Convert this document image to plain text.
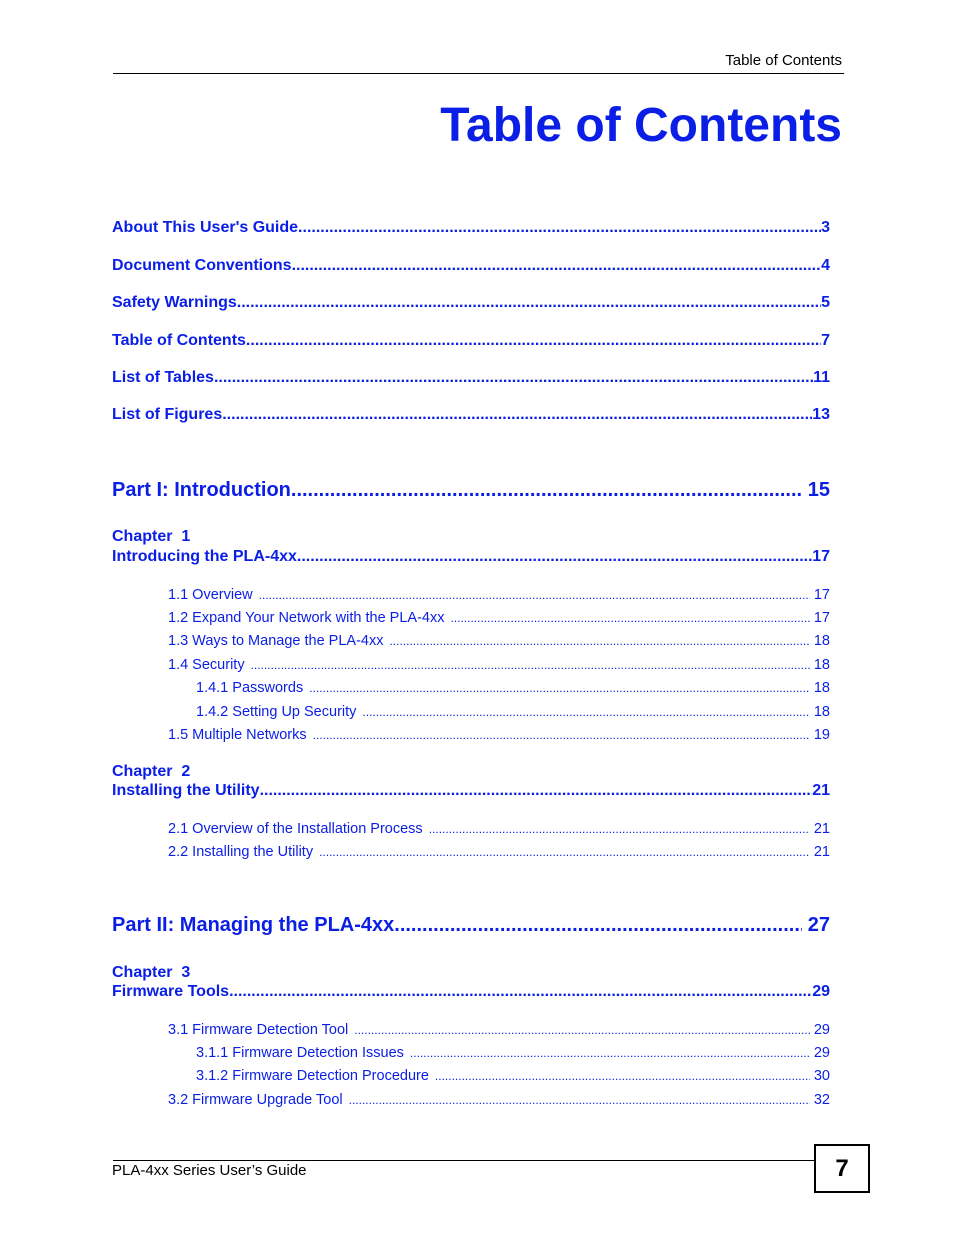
Table of Contents
Table of Contents
About This User's Guide .....	3
Document Conventions .....	4
Safety Warnings .....	5
Table of Contents .....	7
List of Tables .....	11
List of Figures .....	13
Part I: Introduction .....	15
Chapter  1
Introducing the PLA-4xx .....	17
1.1 Overview .....	17
1.2 Expand Your Network with the PLA-4xx .....	17
1.3 Ways to Manage the PLA-4xx .....	18
1.4 Security .....	18
1.4.1 Passwords .....	18
1.4.2 Setting Up Security .....	18
1.5 Multiple Networks .....	19
Chapter  2
Installing the Utility .....	21
2.1 Overview of the Installation Process .....	21
2.2 Installing the Utility .....	21
Part II: Managing the PLA-4xx .....	27
Chapter  3
Firmware Tools .....	29
3.1 Firmware Detection Tool .....	29
3.1.1 Firmware Detection Issues .....	29
3.1.2 Firmware Detection Procedure .....	30
3.2 Firmware Upgrade Tool .....	32
PLA-4xx Series User’s Guide	7
